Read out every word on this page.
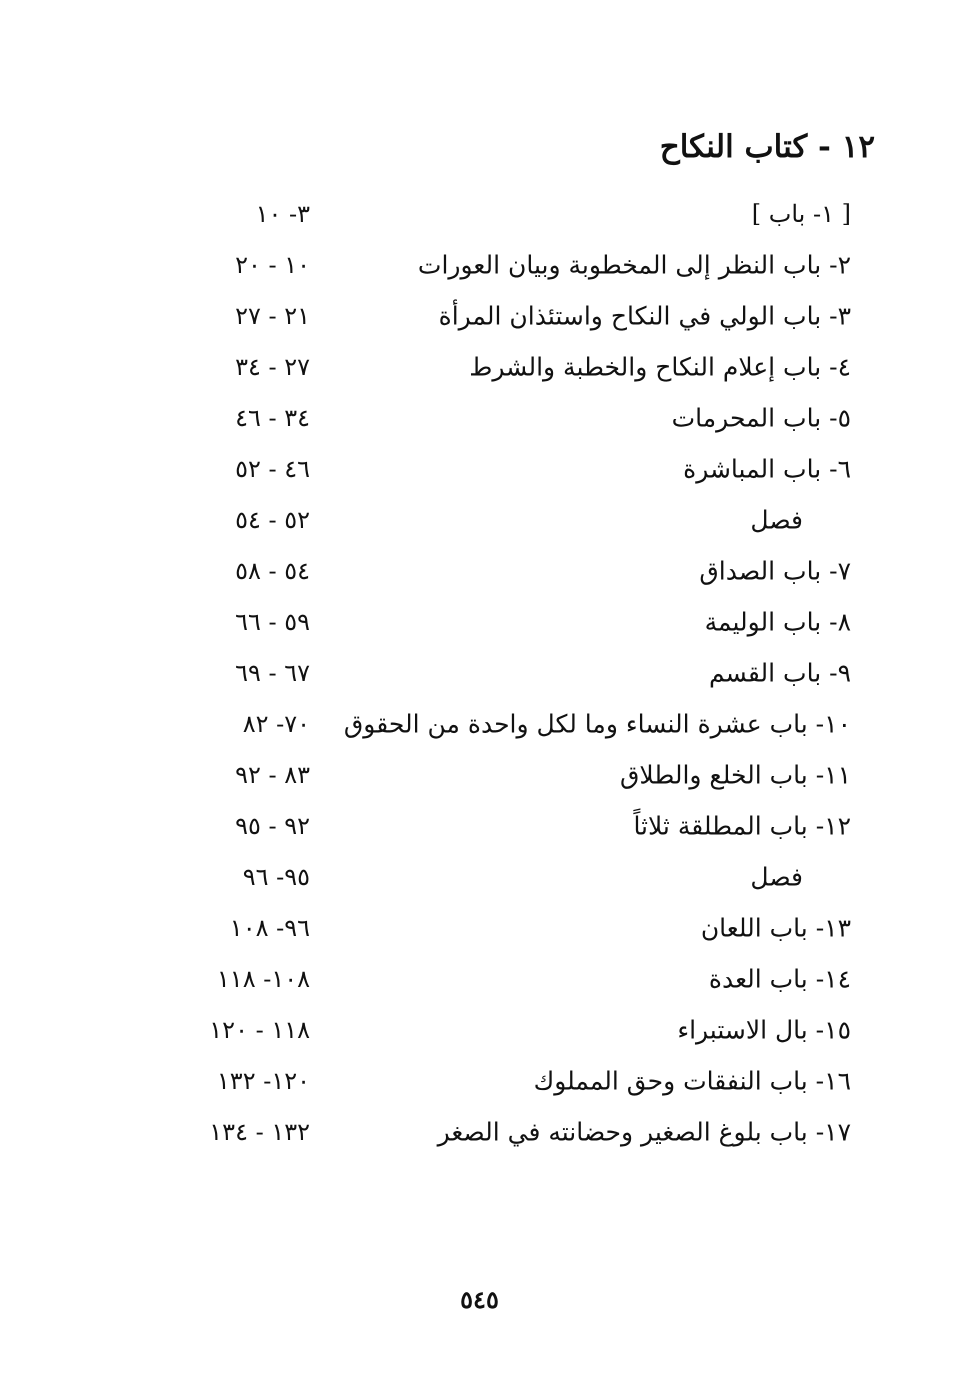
١٢ - كتاب النكاح
[ ١- باب ]
٣- ١٠
٢- باب النظر إلى المخطوبة وبيان العورات
١٠ - ٢٠
٣- باب الولي في النكاح واستئذان المرأة
٢١ - ٢٧
٤- باب إعلام النكاح والخطبة والشرط
٢٧ - ٣٤
٥- باب المحرمات
٣٤ - ٤٦
٦- باب المباشرة
٤٦ - ٥٢
فصل
٥٢ - ٥٤
٧- باب الصداق
٥٤ - ٥٨
٨- باب الوليمة
٥٩ - ٦٦
٩- باب القسم
٦٧ - ٦٩
١٠- باب عشرة النساء وما لكل واحدة من الحقوق
٧٠- ٨٢
١١- باب الخلع والطلاق
٨٣ - ٩٢
١٢- باب المطلقة ثلاثاً
٩٢ - ٩٥
فصل
٩٥- ٩٦
١٣- باب اللعان
٩٦- ١٠٨
١٤- باب العدة
١٠٨- ١١٨
١٥- بال الاستبراء
١١٨ - ١٢٠
١٦- باب النفقات وحق المملوك
١٢٠- ١٣٢
١٧- باب بلوغ الصغير وحضانته في الصغر
١٣٢ - ١٣٤
٥٤٥
